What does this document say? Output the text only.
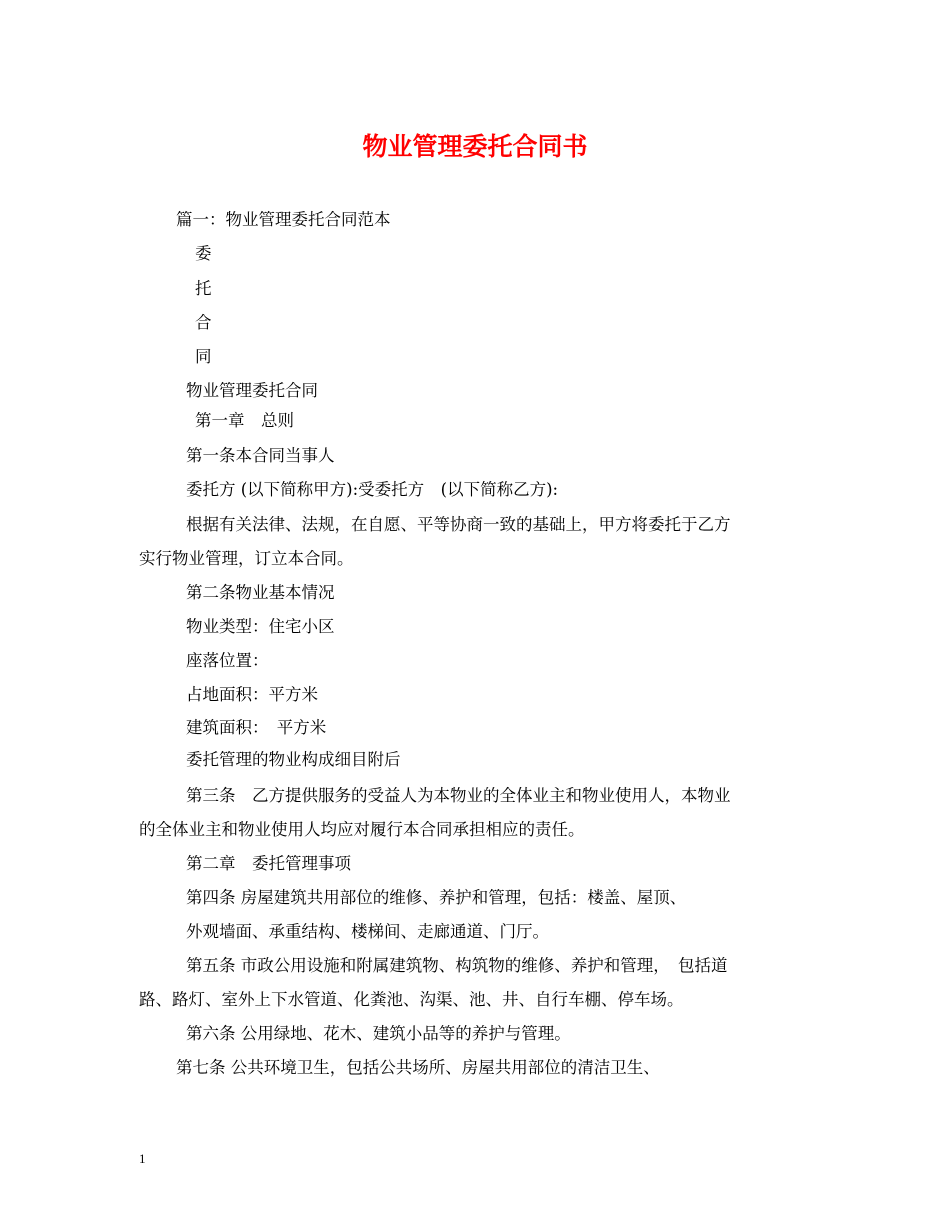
物业管理委托合同书
篇一：物业管理委托合同范本
委
托
合
同
物业管理委托合同
第一章　总则
第一条本合同当事人
委托方 (以下简称甲方):受委托方　(以下简称乙方):
根据有关法律、法规，在自愿、平等协商一致的基础上，甲方将委托于乙方
实行物业管理，订立本合同。
第二条物业基本情况
物业类型：住宅小区
座落位置：
占地面积：平方米
建筑面积：　平方米
委托管理的物业构成细目附后
第三条　乙方提供服务的受益人为本物业的全体业主和物业使用人，本物业
的全体业主和物业使用人均应对履行本合同承担相应的责任。
第二章　委托管理事项
第四条 房屋建筑共用部位的维修、养护和管理，包括：楼盖、屋顶、
外观墙面、承重结构、楼梯间、走廊通道、门厅。
第五条 市政公用设施和附属建筑物、构筑物的维修、养护和管理，　包括道
路、路灯、室外上下水管道、化粪池、沟渠、池、井、自行车棚、停车场。
第六条 公用绿地、花木、建筑小品等的养护与管理。
第七条 公共环境卫生，包括公共场所、房屋共用部位的清洁卫生、
1
